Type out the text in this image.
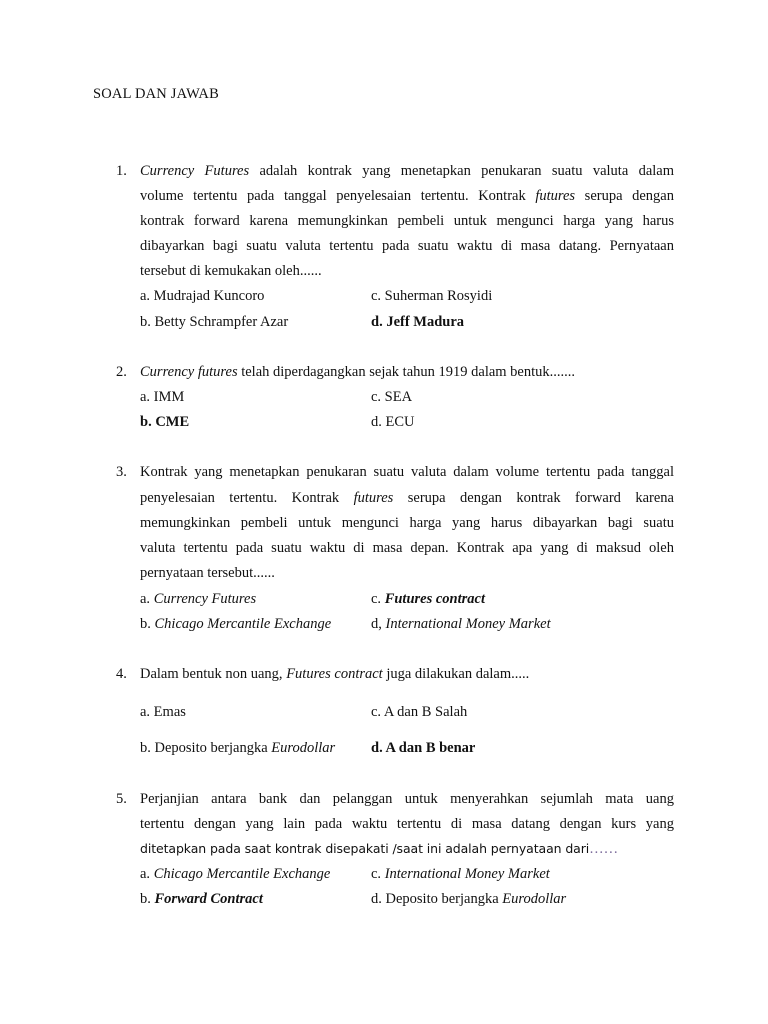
SOAL DAN JAWAB
1. Currency Futures adalah kontrak yang menetapkan penukaran suatu valuta dalam
volume tertentu pada tanggal penyelesaian tertentu. Kontrak futures serupa dengan
kontrak forward karena memungkinkan pembeli untuk mengunci harga yang harus
dibayarkan bagi suatu valuta tertentu pada suatu waktu di masa datang. Pernyataan
tersebut di kemukakan oleh......
a. Mudrajad Kuncoro	c. Suherman Rosyidi
b. Betty Schrampfer Azar	d. Jeff Madura
2. Currency futures telah diperdagangkan sejak tahun 1919 dalam bentuk.......
a. IMM	c. SEA
b. CME	d. ECU
3. Kontrak yang menetapkan penukaran suatu valuta dalam volume tertentu pada tanggal
penyelesaian tertentu. Kontrak futures serupa dengan kontrak forward karena
memungkinkan pembeli untuk mengunci harga yang harus dibayarkan bagi suatu
valuta tertentu pada suatu waktu di masa depan. Kontrak apa yang di maksud oleh
pernyataan tersebut......
a. Currency Futures	c. Futures contract
b. Chicago Mercantile Exchange	d, International Money Market
4. Dalam bentuk non uang, Futures contract juga dilakukan dalam.....
a. Emas	c. A dan B Salah
b. Deposito berjangka Eurodollar d. A dan B benar
5. Perjanjian antara bank dan pelanggan untuk menyerahkan sejumlah mata uang
tertentu dengan yang lain pada waktu tertentu di masa datang dengan kurs yang
ditetapkan pada saat kontrak disepakati /saat ini adalah pernyataan dari……
a. Chicago Mercantile Exchange	c. International Money Market
b. Forward Contract	d. Deposito berjangka Eurodollar
